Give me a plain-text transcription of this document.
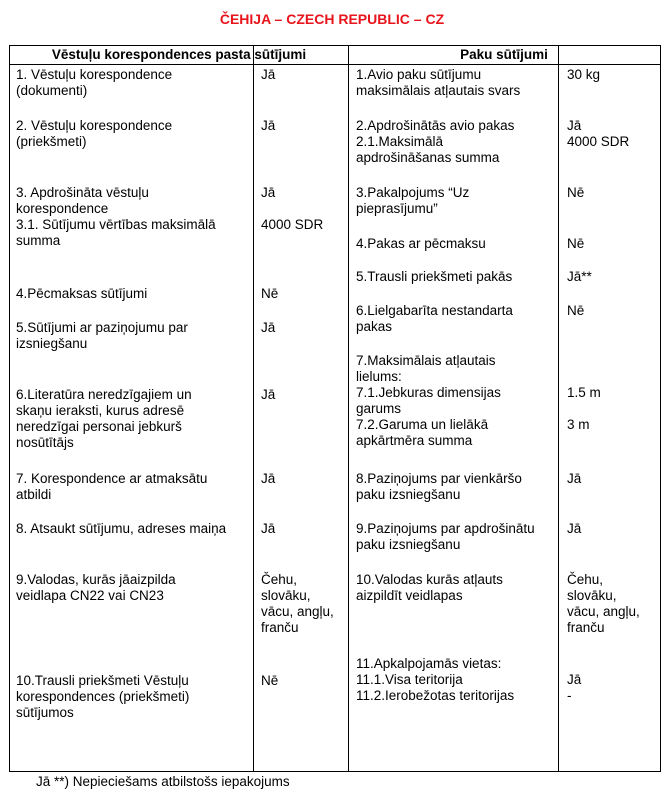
ČEHIJA – CZECH REPUBLIC – CZ
Vēstuļu korespondences pasta sūtījumi	Paku sūtījumi
1. Vēstuļu korespondence
(dokumenti)
2. Vēstuļu korespondence
(priekšmeti)
3. Apdrošināta vēstuļu
korespondence
3.1. Sūtījumu vērtības maksimālā
summa
4.Pēcmaksas sūtījumi
5.Sūtījumi ar paziņojumu par
izsniegšanu
6.Literatūra neredzīgajiem un
skaņu ieraksti, kurus adresē
neredzīgai personai jebkurš
nosūtītājs
7. Korespondence ar atmaksātu
atbildi
8. Atsaukt sūtījumu, adreses maiņa
9.Valodas, kurās jāaizpilda
veidlapa CN22 vai CN23
10.Trausli priekšmeti Vēstuļu
korespondences (priekšmeti)
sūtījumos
Jā
Jā
Jā

4000 SDR
Nē
Jā
Jā
Jā
Jā
Čehu,
slovāku,
vācu, angļu,
franču
Nē
1.Avio paku sūtījumu
maksimālais atļautais svars
2.Apdrošinātās avio pakas
2.1.Maksimālā
apdrošināšanas summa
3.Pakalpojums “Uz
pieprasījumu”
4.Pakas ar pēcmaksu
5.Trausli priekšmeti pakās
6.Lielgabarīta nestandarta
pakas
7.Maksimālais atļautais
lielums:
7.1.Jebkuras dimensijas
garums
7.2.Garuma un lielākā
apkārtmēra summa
8.Paziņojums par vienkāršo
paku izsniegšanu
9.Paziņojums par apdrošinātu
paku izsniegšanu
10.Valodas kurās atļauts
aizpildīt veidlapas
11.Apkalpojamās vietas:
11.1.Visa teritorija
11.2.Ierobežotas teritorijas
30 kg
Jā
4000 SDR
Nē
Nē
Jā**
Nē

1.5 m

3 m
Jā
Jā
Čehu,
slovāku,
vācu, angļu,
franču

Jā
-
Jā **) Nepieciešams atbilstošs iepakojums
